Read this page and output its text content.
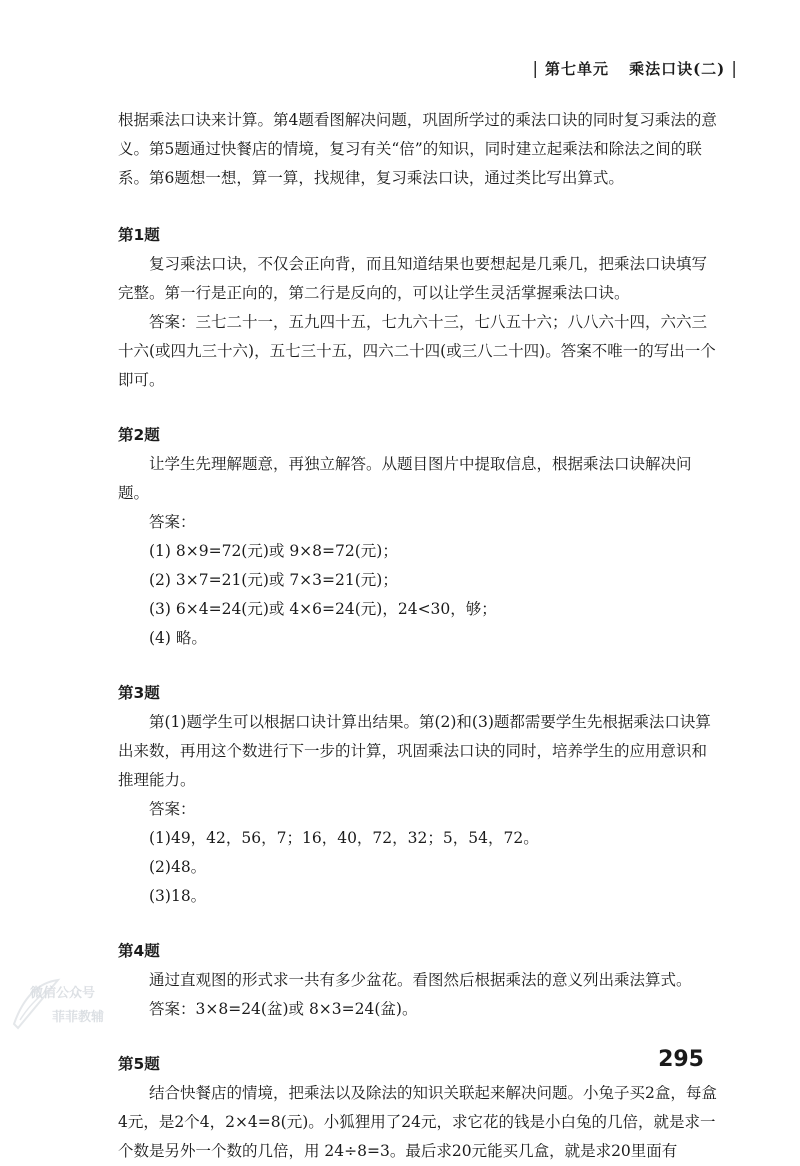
| 第七单元 乘法口诀(二) |

根据乘法口诀来计算。第4题看图解决问题，巩固所学过的乘法口诀的同时复习乘法的意义。第5题通过快餐店的情境，复习有关“倍”的知识，同时建立起乘法和除法之间的联系。第6题想一想，算一算，找规律，复习乘法口诀，通过类比写出算式。

第1题

复习乘法口诀，不仅会正向背，而且知道结果也要想起是几乘几，把乘法口诀填写完整。第一行是正向的，第二行是反向的，可以让学生灵活掌握乘法口诀。

答案：三七二十一，五九四十五，七九六十三，七八五十六；八八六十四，六六三十六(或四九三十六)，五七三十五，四六二十四(或三八二十四)。答案不唯一的写出一个即可。

第2题

让学生先理解题意，再独立解答。从题目图片中提取信息，根据乘法口诀解决问题。

答案：

(1) 8×9=72(元)或 9×8=72(元)；

(2) 3×7=21(元)或 7×3=21(元)；

(3) 6×4=24(元)或 4×6=24(元)，24<30，够；

(4) 略。

第3题

第(1)题学生可以根据口诀计算出结果。第(2)和(3)题都需要学生先根据乘法口诀算出来数，再用这个数进行下一步的计算，巩固乘法口诀的同时，培养学生的应用意识和推理能力。

答案：

(1)49，42，56，7；16，40，72，32；5，54，72。

(2)48。

(3)18。

第4题

通过直观图的形式求一共有多少盆花。看图然后根据乘法的意义列出乘法算式。

答案：3×8=24(盆)或 8×3=24(盆)。

第5题

结合快餐店的情境，把乘法以及除法的知识关联起来解决问题。小兔子买2盒，每盒4元，是2个4，2×4=8(元)。小狐狸用了24元，求它花的钱是小白兔的几倍，就是求一个数是另外一个数的几倍，用 24÷8=3。最后求20元能买几盒，就是求20里面有

微信公众号
菲菲教辅
295
